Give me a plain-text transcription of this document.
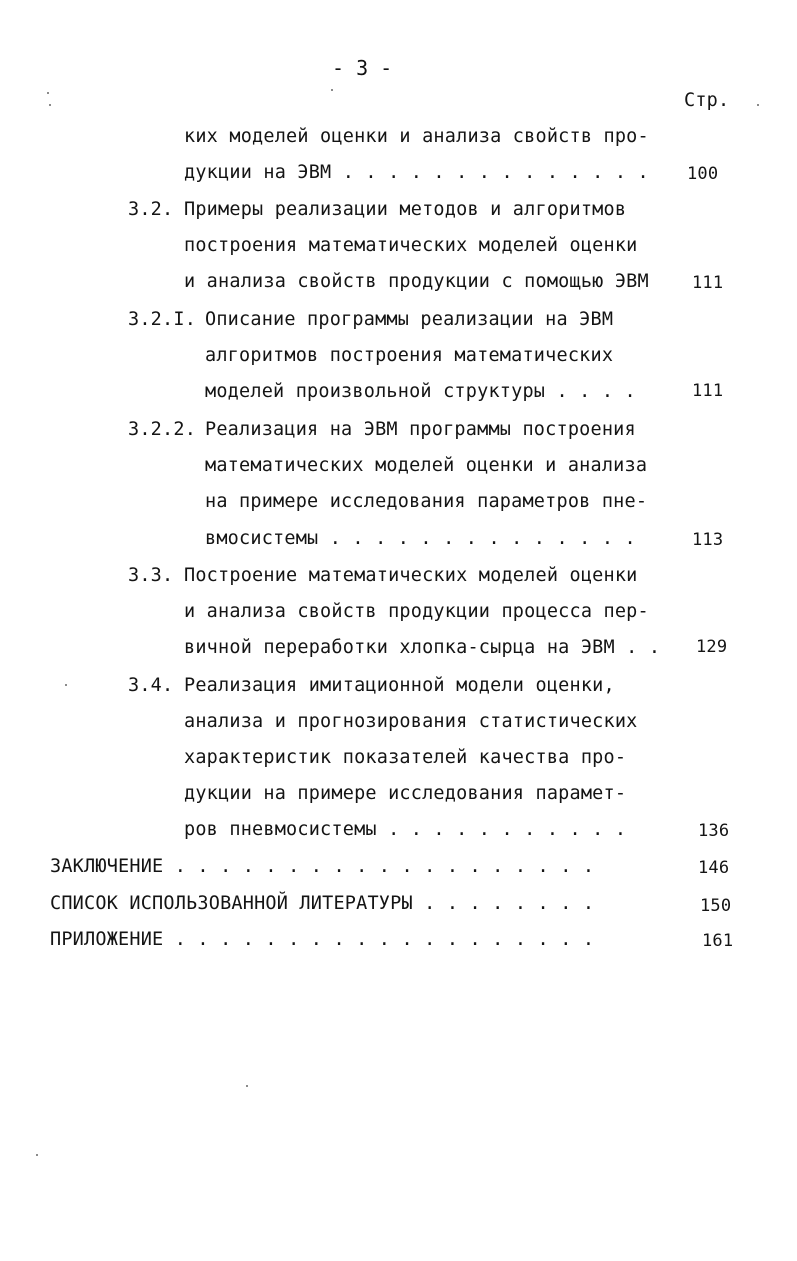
- 3 -
Стр.
ких моделей оценки и анализа свойств про-
дукции на ЭВМ . . . . . . . . . . . . . . 100
3.2. Примеры реализации методов и алгоритмов
построения математических моделей оценки
и анализа свойств продукции с помощью ЭВМ	111
3.2.I. Описание программы реализации на ЭВМ
алгоритмов построения математических
моделей произвольной структуры . . . .	111
3.2.2. Реализация на ЭВМ программы построения
математических моделей оценки и анализа
на примере исследования параметров пне-
вмосистемы . . . . . . . . . . . . . .	113
3.3. Построение математических моделей оценки
и анализа свойств продукции процесса пер-
вичной переработки хлопка-сырца на ЭВМ . . 129
3.4. Реализация имитационной модели оценки,
анализа и прогнозирования статистических
характеристик показателей качества про-
дукции на примере исследования парамет-
ров пневмосистемы . . . . . . . . . . .	136
ЗАКЛЮЧЕНИЕ . . . . . . . . . . . . . . . . . . .	146
СПИСОК ИСПОЛЬЗОВАННОЙ ЛИТЕРАТУРЫ . . . . . . . .	150
ПРИЛОЖЕНИЕ . . . . . . . . . . . . . . . . . . .	161
